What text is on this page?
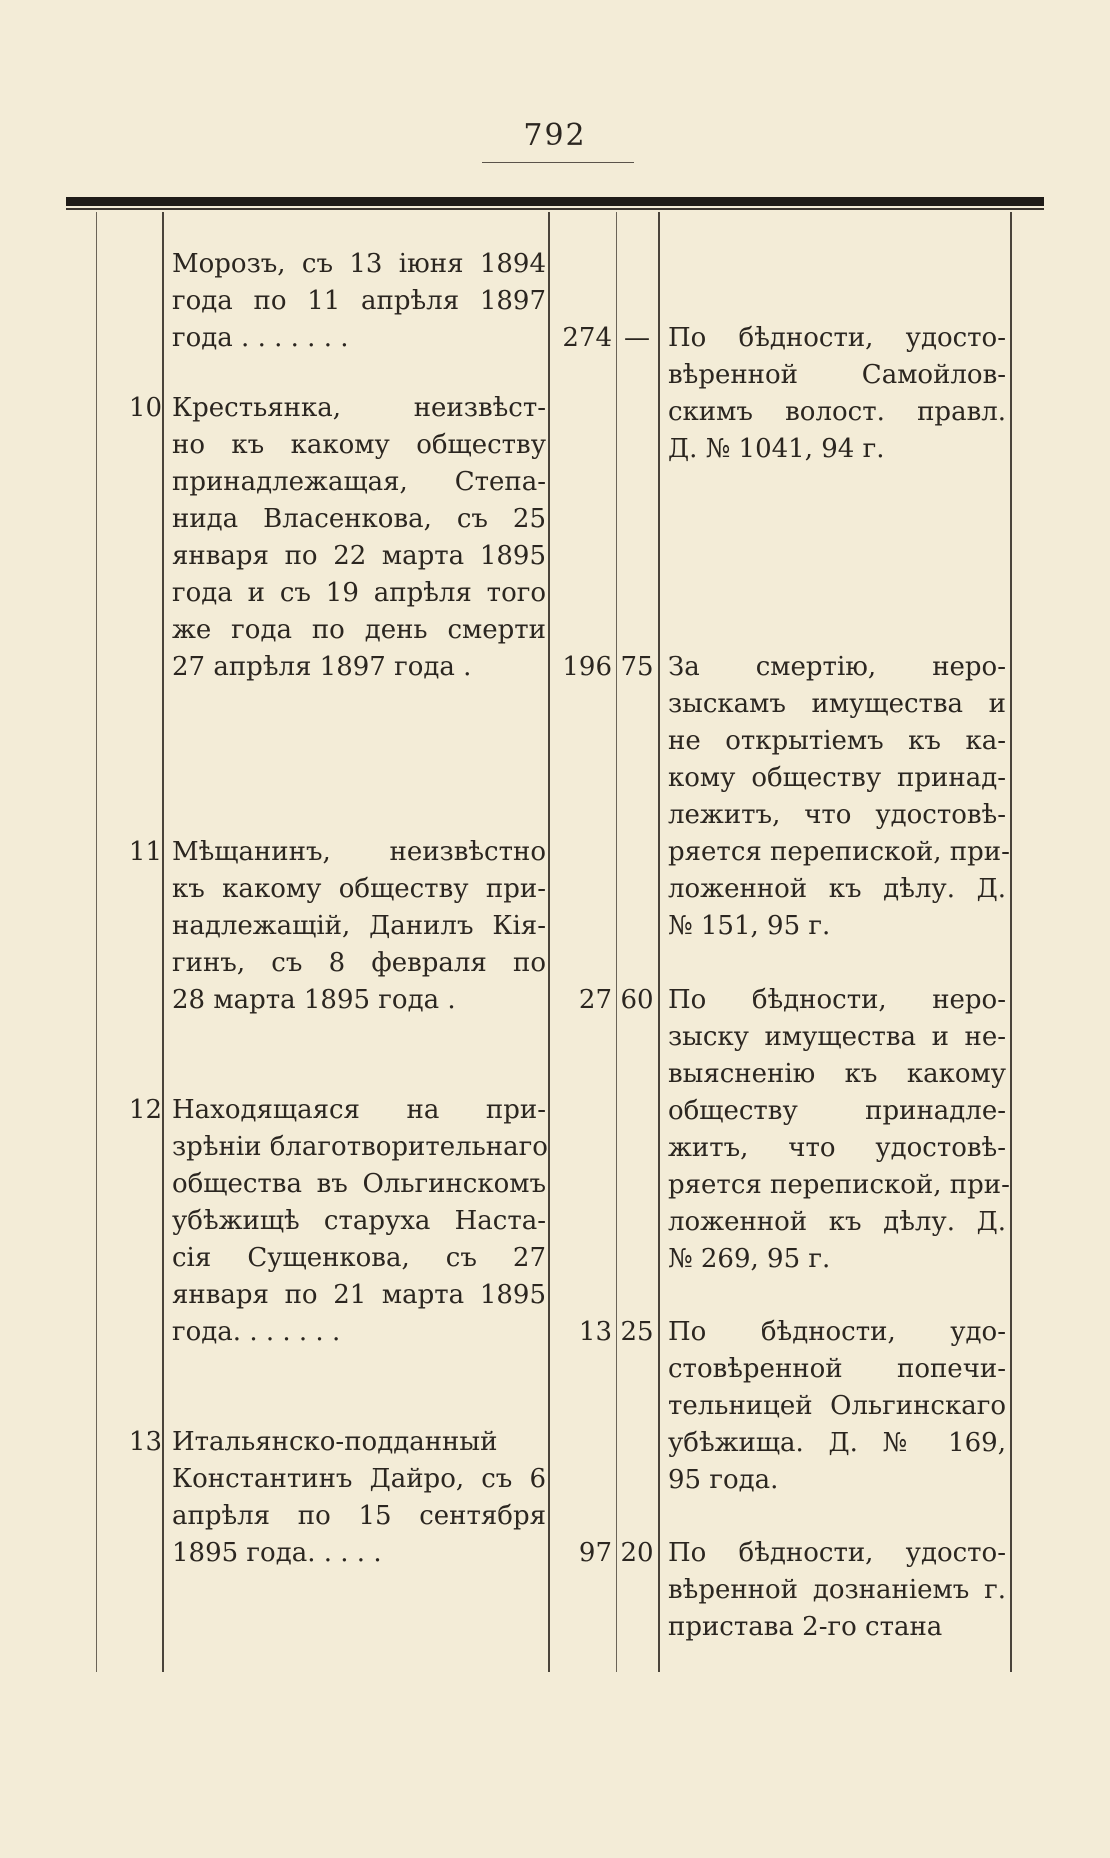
792
Морозъ, съ 13 іюня 1894
года по 11 апрѣля 1897
года . . . . . . .	274 — По бѣдности, удосто-
вѣренной Самойлов-
скимъ волост. правл.
Д. № 1041, 94 г.
10 Крестьянка, неизвѣст-
но къ какому обществу
принадлежащая, Степа-
нида Власенкова, съ 25
января по 22 марта 1895
года и съ 19 апрѣля того
же года по день смерти
27 апрѣля 1897 года .	196 75 За смертію, неро-
зыскамъ имущества и
не открытіемъ къ ка-
кому обществу принад-
лежитъ, что удостовѣ-
ряется перепиской, при-
ложенной къ дѣлу. Д.
№ 151, 95 г.
11 Мѣщанинъ, неизвѣстно
къ какому обществу при-
надлежащій, Данилъ Кія-
гинъ, съ 8 февраля по
28 марта 1895 года .	27 60 По бѣдности, неро-
зыску имущества и не-
выясненію къ какому
обществу принадле-
житъ, что удостовѣ-
ряется перепиской, при-
ложенной къ дѣлу. Д.
№ 269, 95 г.
12 Находящаяся на при-
зрѣніи благотворительнаго
общества въ Ольгинскомъ
убѣжищѣ старуха Наста-
сія Сущенкова, съ 27
января по 21 марта 1895
года. . . . . . .	13 25 По бѣдности, удо-
стовѣренной попечи-
тельницей Ольгинскаго
убѣжища. Д. № 169,
95 года.
13 Итальянско-подданный
Константинъ Дайро, съ 6
апрѣля по 15 сентября
1895 года. . . . .	97 20 По бѣдности, удосто-
вѣренной дознаніемъ г.
пристава 2-го стана
